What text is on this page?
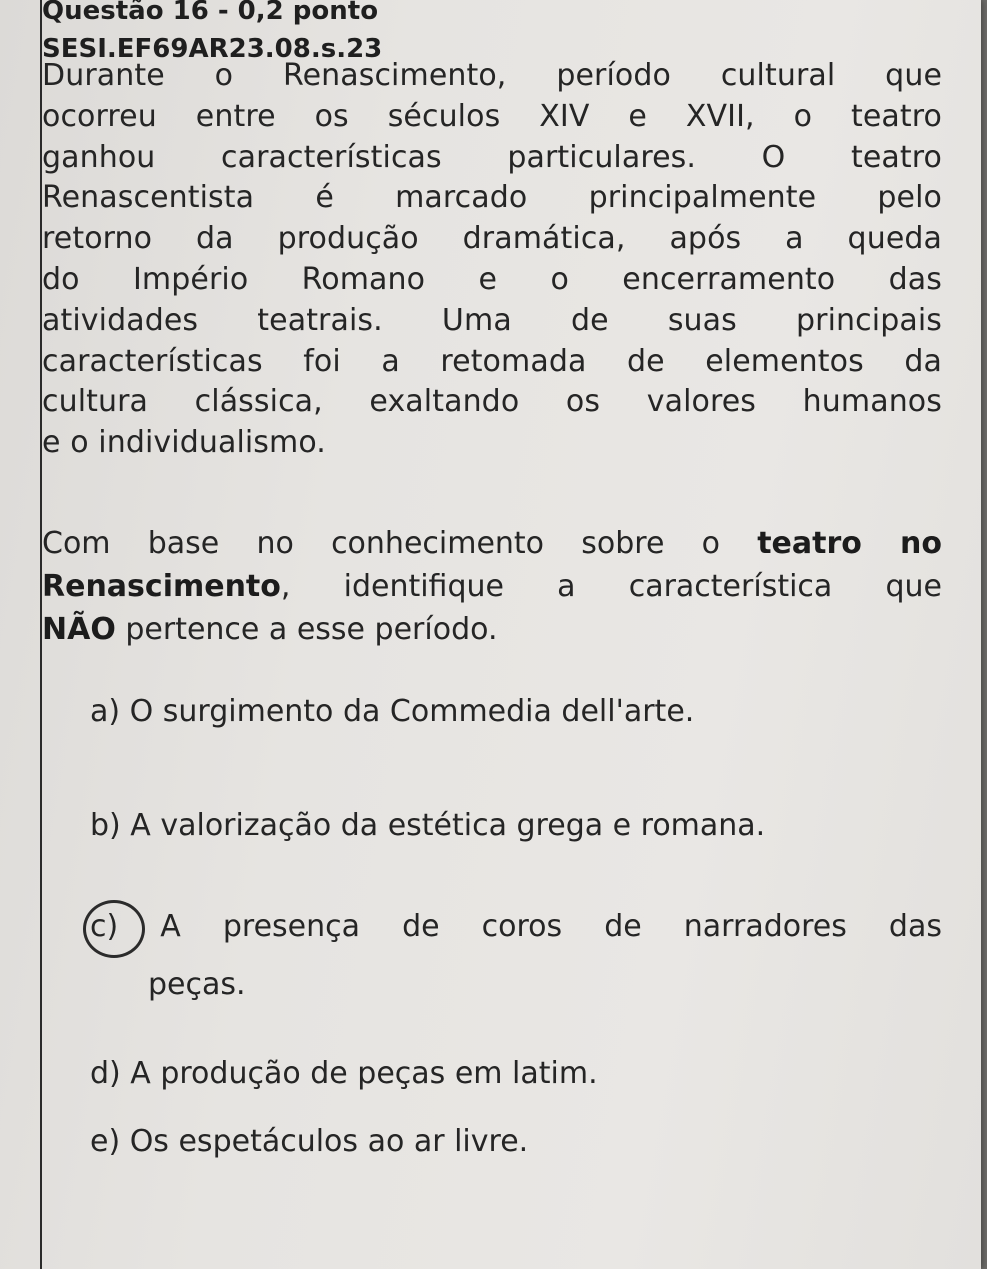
Questão 16 - 0,2 ponto
SESI.EF69AR23.08.s.23
Durante o Renascimento, período cultural que
ocorreu entre os séculos XIV e XVII, o teatro
ganhou características particulares. O teatro
Renascentista é marcado principalmente pelo
retorno da produção dramática, após a queda
do Império Romano e o encerramento das
atividades teatrais. Uma de suas principais
características foi a retomada de elementos da
cultura clássica, exaltando os valores humanos
e o individualismo.
Com base no conhecimento sobre o teatro no
Renascimento, identifique a característica que
NÃO pertence a esse período.
a) O surgimento da Commedia dell'arte.
b) A valorização da estética grega e romana.
c) A presença de coros de narradores das
peças.
d) A produção de peças em latim.
e) Os espetáculos ao ar livre.
